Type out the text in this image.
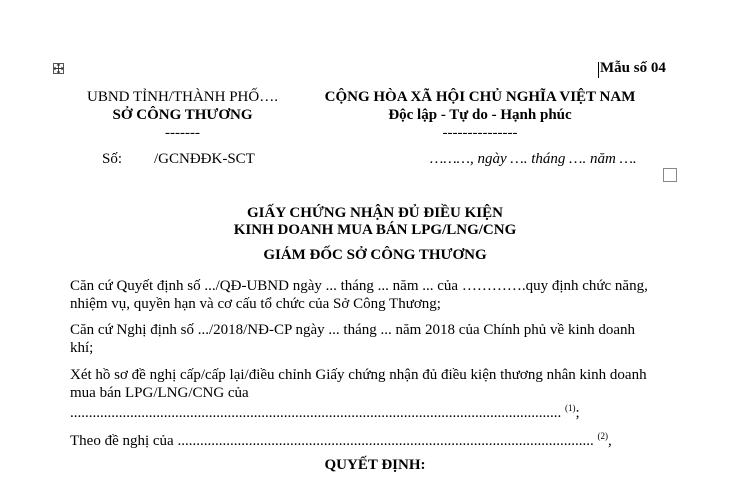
Mẫu số 04
UBND TỈNH/THÀNH PHỐ….
SỞ CÔNG THƯƠNG
-------
CỘNG HÒA XÃ HỘI CHỦ NGHĨA VIỆT NAM
Độc lập - Tự do - Hạnh phúc
---------------
Số: /GCNĐĐK-SCT	………, ngày …. tháng …. năm ….
GIẤY CHỨNG NHẬN ĐỦ ĐIỀU KIỆN
KINH DOANH MUA BÁN LPG/LNG/CNG
GIÁM ĐỐC SỞ CÔNG THƯƠNG
Căn cứ Quyết định số .../QĐ-UBND ngày ... tháng ... năm ... của ………….quy định chức năng, nhiệm vụ, quyền hạn và cơ cấu tổ chức của Sở Công Thương;
Căn cứ Nghị định số .../2018/NĐ-CP ngày ... tháng ... năm 2018 của Chính phủ về kinh doanh khí;
Xét hồ sơ đề nghị cấp/cấp lại/điều chỉnh Giấy chứng nhận đủ điều kiện thương nhân kinh doanh mua bán LPG/LNG/CNG của
................................................................................................................................... $^{(1)}$;
Theo đề nghị của ............................................................................................................... $^{(2)}$,
QUYẾT ĐỊNH:
